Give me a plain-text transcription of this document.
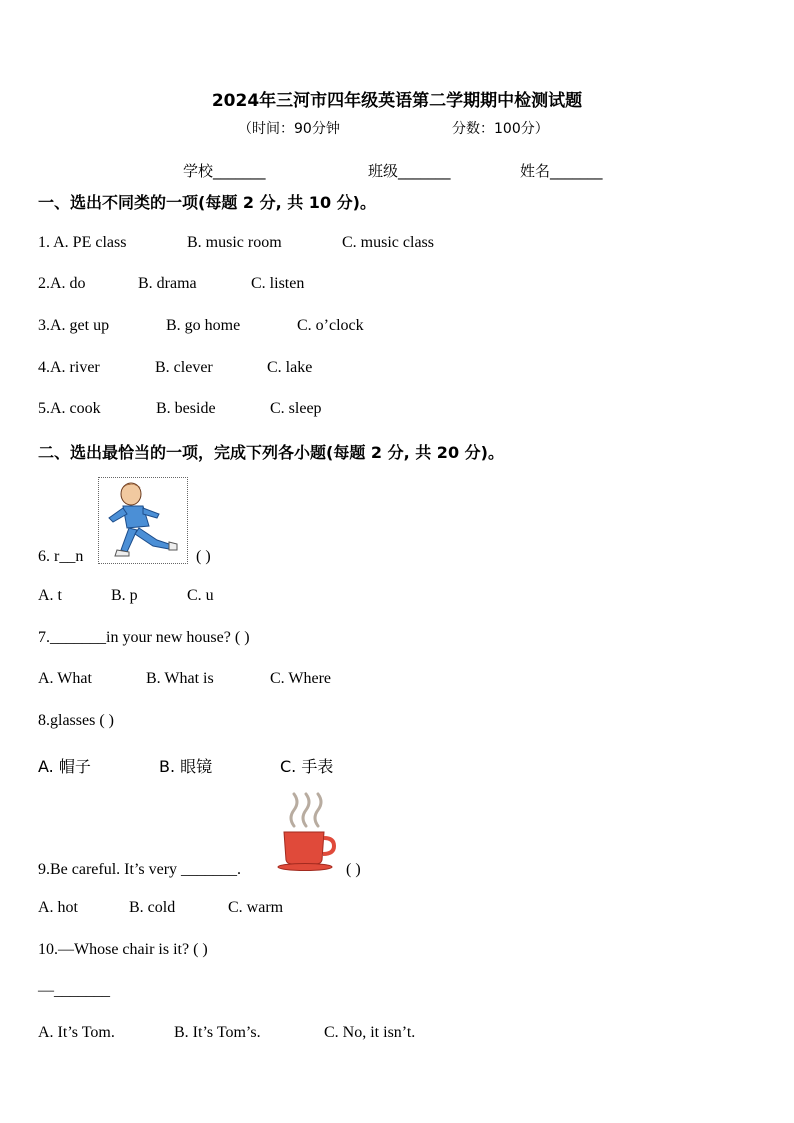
2024年三河市四年级英语第二学期期中检测试题
（时间：90分钟	分数：100分）
学校_______	班级_______	姓名_______
一、选出不同类的一项(每题 2 分, 共 10 分)。
1. A. PE class	B. music room	C. music class
2.A. do	B. drama	C. listen
3.A. get up	B. go home	C. o’clock
4.A. river	B. clever	C. lake
5.A. cook	B. beside	C. sleep
二、选出最恰当的一项，完成下列各小题(每题 2 分, 共 20 分)。
6. r__n	( )
A. t	B. p	C. u
7._______in your new house? ( )
A. What	B. What is	C. Where
8.glasses ( )
A. 帽子	B. 眼镜	C. 手表
9.Be careful. It’s very _______.	( )
A. hot	B. cold	C. warm
10.—Whose chair is it? ( )
—_______
A. It’s Tom.	B. It’s Tom’s.	C. No, it isn’t.
